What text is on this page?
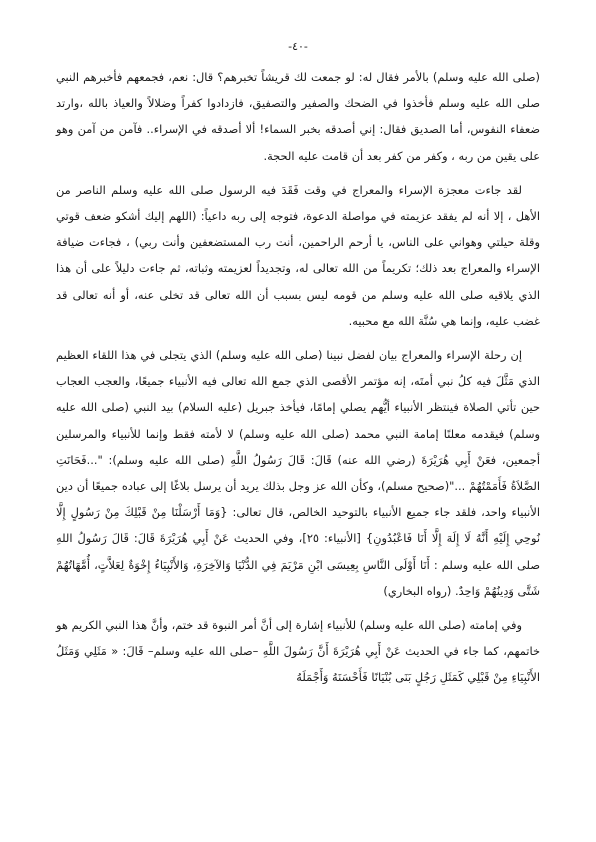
-٤٠-

(صلى الله عليه وسلم) بالأمر فقال له: لو جمعت لك قريشاً تخبرهم؟ قال: نعم، فجمعهم فأخبرهم النبي صلى الله عليه وسلم فأخذوا في الضحك والصفير والتصفيق، فازدادوا كفراً وضلالاً والعياذ بالله ،وارتد ضعفاء النفوس، أما الصديق فقال: إني أصدقه بخبر السماء! ألا أصدقه في الإسراء.. فآمن من آمن وهو على يقين من ربه ، وكفر من كفر بعد أن قامت عليه الحجة.

لقد جاءت معجزة الإسراء والمعراج في وقت فَقَدَ فيه الرسول صلى الله عليه وسلم الناصر من الأهل ، إلا أنه لم يفقد عزيمته في مواصلة الدعوة، فتوجه إلى ربه داعياً: (اللهم إليك أشكو ضعف قوتي وقلة حيلتي وهواني على الناس، يا أرحم الراحمين، أنت رب المستضعفين وأنت ربي) ، فجاءت ضيافة الإسراء والمعراج بعد ذلك؛ تكريماً من الله تعالى له، وتجديداً لعزيمته وثباته، ثم جاءت دليلاً على أن هذا الذي يلاقيه صلى الله عليه وسلم من قومه ليس بسبب أن الله تعالى قد تخلى عنه، أو أنه تعالى قد غضب عليه، وإنما هي سُنَّة الله مع محبيه.

إن رحلة الإسراء والمعراج بيان لفضل نبينا (صلى الله عليه وسلم) الذي يتجلى في هذا اللقاء العظيم الذي مَثَّلَ فيه كلُ نبي أمتَه، إنه مؤتمر الأقصى الذي جمع الله تعالى فيه الأنبياء جميعًا، والعجب العجاب حين تأتي الصلاة فينتظر الأنبياء أيُّهم يصلي إمامًا، فيأخذ جبريل (عليه السلام) بيد النبي (صلى الله عليه وسلم) فيقدمه معلنًا إمامة النبي محمد (صلى الله عليه وسلم) لا لأمته فقط وإنما للأنبياء والمرسلين أجمعين، فعَنْ أَبِي هُرَيْرَةَ (رضي الله عنه) قَالَ: قَالَ رَسُولُ اللَّهِ (صلى الله عليه وسلم): "...فَحَانَتِ الصَّلاَةُ فَأَمَمْتُهُمْ ..."(صحيح مسلم)، وكأن الله عز وجل بذلك يريد أن يرسل بلاغًا إلى عباده جميعًا أن دين الأنبياء واحد، فلقد جاء جميع الأنبياء بالتوحيد الخالص، قال تعالى: {وَمَا أَرْسَلْنَا مِنْ قَبْلِكَ مِنْ رَسُولٍ إِلَّا نُوحِي إِلَيْهِ أَنَّهُ لَا إِلَهَ إِلَّا أَنَا فَاعْبُدُونِ} [الأنبياء: ٢٥]، وفي الحديث عَنْ أَبِي هُرَيْرَةَ قَالَ: قَالَ رَسُولُ اللهِ صلى الله عليه وسلم : أَنَا أَوْلَى النَّاسِ بِعِيسَى ابْنِ مَرْيَمَ فِي الدُّنْيَا وَالآخِرَةِ، وَالأَنْبِيَاءُ إِخْوَةٌ لِعَلاَّتٍ، أُمَّهَاتُهُمْ شَتَّى وَدِينُهُمْ وَاحِدٌ. (رواه البخاري)

وفي إمامته (صلى الله عليه وسلم) للأنبياء إشارة إلى أنَّ أمر النبوة قد ختم، وأنَّ هذا النبي الكريم هو خاتمهم، كما جاء في الحديث عَنْ أَبِي هُرَيْرَةَ أَنَّ رَسُولَ اللَّهِ –صلى الله عليه وسلم– قَالَ: « مَثَلِي وَمَثَلُ الأَنْبِيَاءِ مِنْ قَبْلِي كَمَثَلِ رَجُلٍ بَنَى بُنْيَانًا فَأَحْسَنَهُ وَأَجْمَلَهُ
